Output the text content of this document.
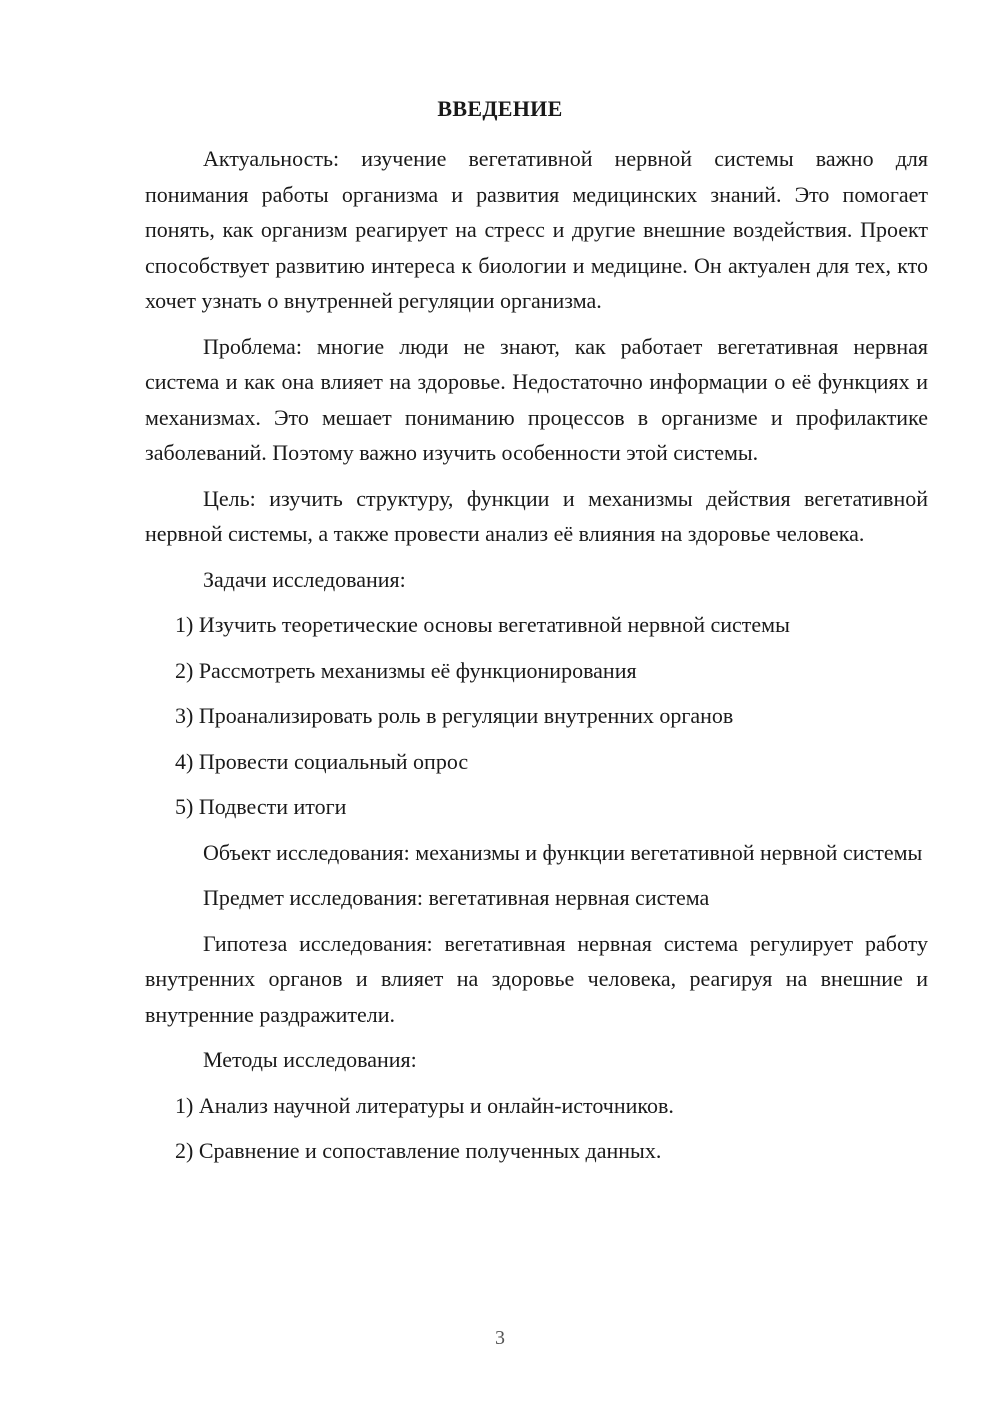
ВВЕДЕНИЕ

Актуальность: изучение вегетативной нервной системы важно для понимания работы организма и развития медицинских знаний. Это помогает понять, как организм реагирует на стресс и другие внешние воздействия. Проект способствует развитию интереса к биологии и медицине. Он актуален для тех, кто хочет узнать о внутренней регуляции организма.

Проблема: многие люди не знают, как работает вегетативная нервная система и как она влияет на здоровье. Недостаточно информации о её функциях и механизмах. Это мешает пониманию процессов в организме и профилактике заболеваний. Поэтому важно изучить особенности этой системы.

Цель: изучить структуру, функции и механизмы действия вегетативной нервной системы, а также провести анализ её влияния на здоровье человека.

Задачи исследования:

1) Изучить теоретические основы вегетативной нервной системы

2) Рассмотреть механизмы её функционирования

3) Проанализировать роль в регуляции внутренних органов

4) Провести социальный опрос

5) Подвести итоги

Объект исследования: механизмы и функции вегетативной нервной системы

Предмет исследования: вегетативная нервная система

Гипотеза исследования: вегетативная нервная система регулирует работу внутренних органов и влияет на здоровье человека, реагируя на внешние и внутренние раздражители.

Методы исследования:

1) Анализ научной литературы и онлайн-источников.

2) Сравнение и сопоставление полученных данных.

3
